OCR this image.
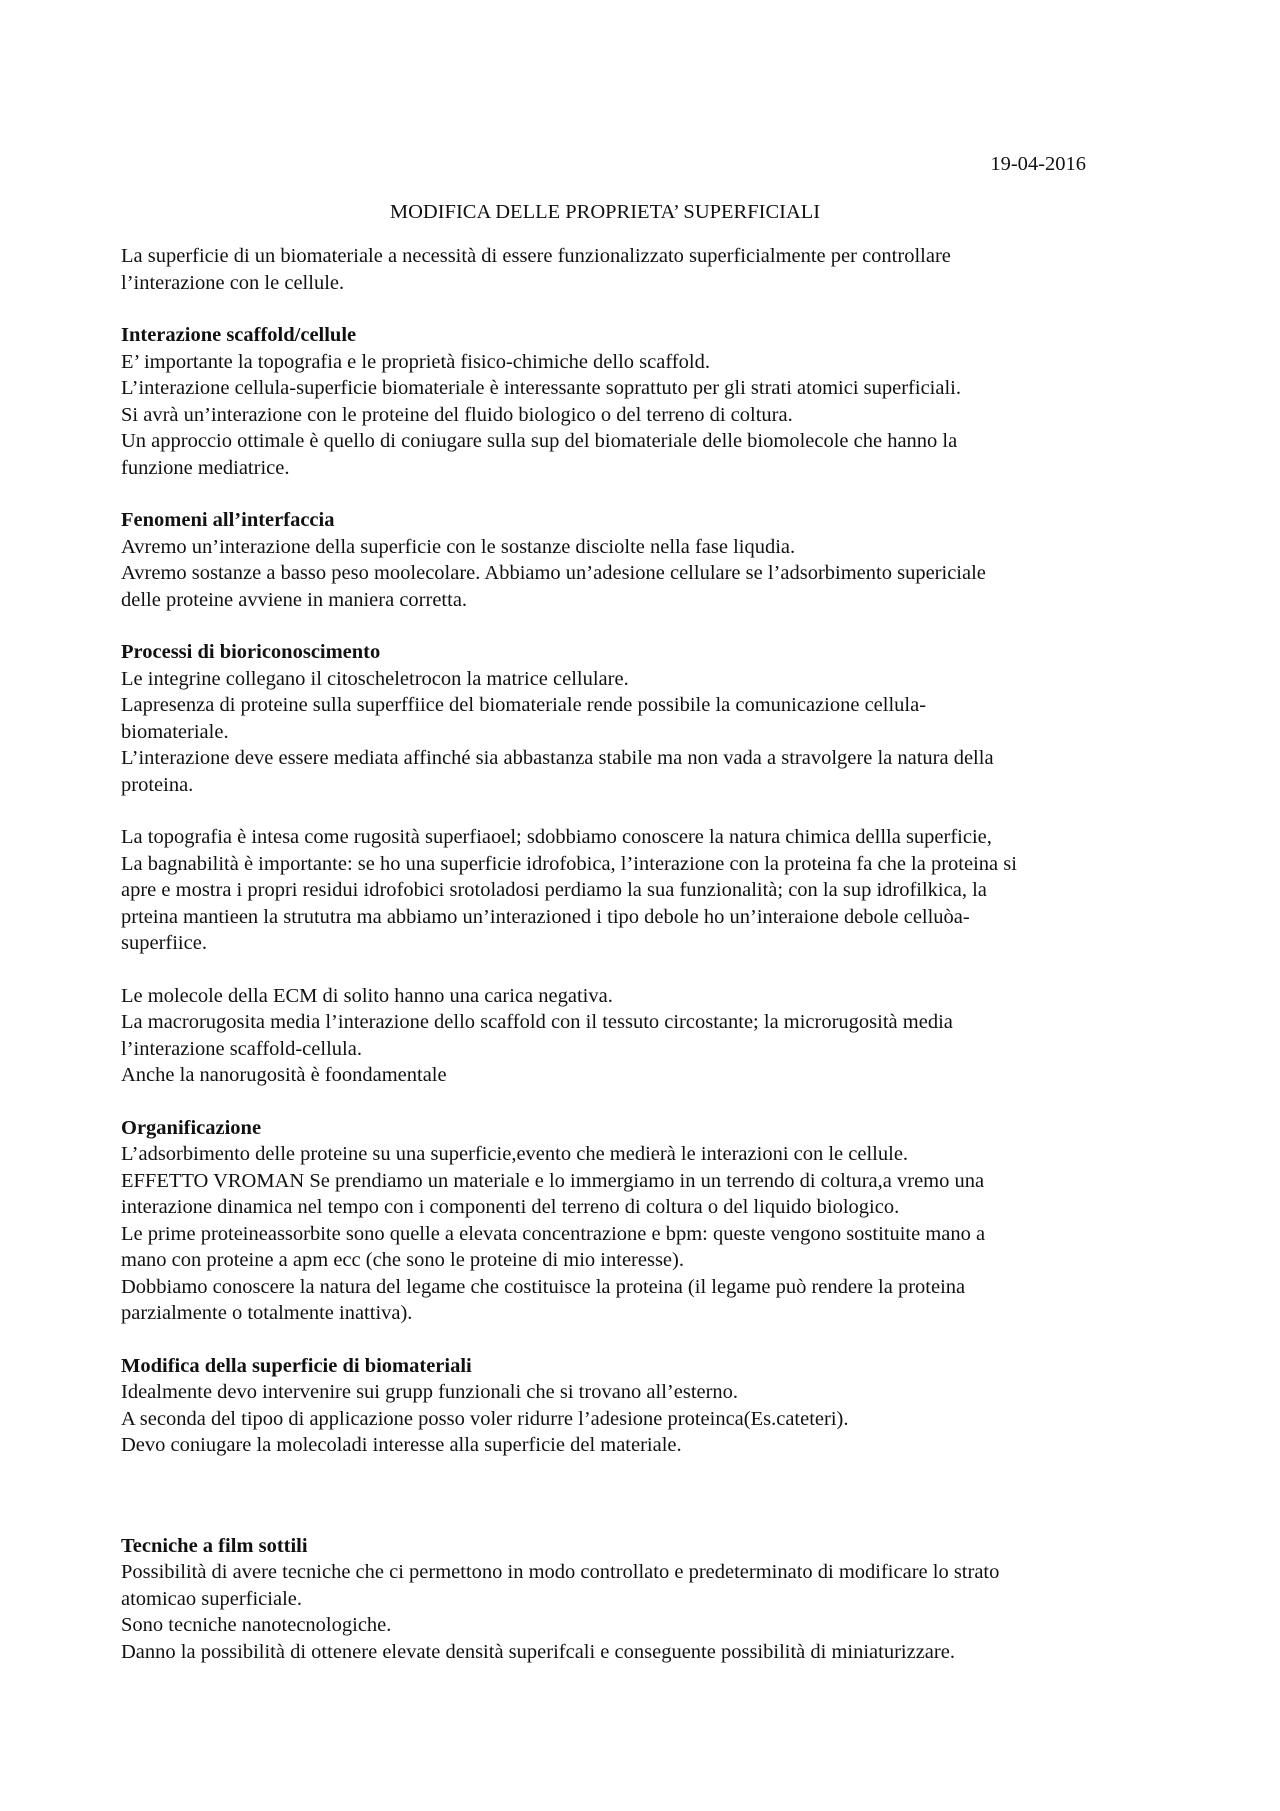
19-04-2016
MODIFICA DELLE PROPRIETA’ SUPERFICIALI

La superficie di un biomateriale a necessità di essere funzionalizzato superficialmente per controllare

l’interazione con le cellule.

Interazione scaffold/cellule

E’ importante la topografia e le proprietà fisico-chimiche dello scaffold.

L’interazione cellula-superficie biomateriale è interessante soprattuto per gli strati atomici superficiali.

Si avrà un’interazione con le proteine del fluido biologico o del terreno di coltura.

Un approccio ottimale è quello di coniugare sulla sup del biomateriale delle biomolecole che hanno la

funzione mediatrice.

Fenomeni all’interfaccia

Avremo un’interazione della superficie con le sostanze disciolte nella fase liqudia.

Avremo sostanze a basso peso moolecolare. Abbiamo un’adesione cellulare se l’adsorbimento supericiale

delle proteine avviene in maniera corretta.

Processi di bioriconoscimento

Le integrine collegano il citoscheletrocon la matrice cellulare.

Lapresenza di proteine sulla superffiice del biomateriale rende possibile la comunicazione cellula-

biomateriale.

L’interazione deve essere mediata affinché sia abbastanza stabile ma non vada a stravolgere la natura della

proteina.

La topografia è intesa come rugosità superfiaoel; sdobbiamo conoscere la natura chimica dellla superficie,

La bagnabilità è importante: se ho una superficie idrofobica, l’interazione con la proteina fa che la proteina si

apre e mostra i propri residui idrofobici srotoladosi perdiamo la sua funzionalità; con la sup idrofilkica, la

prteina mantieen la strututra ma abbiamo un’interazioned i tipo debole ho un’interaione debole celluòa-

superfiice.

Le molecole della ECM di solito hanno una carica negativa.

La macrorugosita media l’interazione dello scaffold con il tessuto circostante; la microrugosità media

l’interazione scaffold-cellula.

Anche la nanorugosità è foondamentale

Organificazione

L’adsorbimento delle proteine su una superficie,evento che medierà le interazioni con le cellule.

EFFETTO VROMAN Se prendiamo un materiale e lo immergiamo in un terrendo di coltura,a vremo una

interazione dinamica nel tempo con i componenti del terreno di coltura o del liquido biologico.

Le prime proteineassorbite sono quelle a elevata concentrazione e bpm: queste vengono sostituite mano a

mano con proteine a apm ecc (che sono le proteine di mio interesse).

Dobbiamo conoscere la natura del legame che costituisce la proteina (il legame può rendere la proteina

parzialmente o totalmente inattiva).

Modifica della superficie di biomateriali

Idealmente devo intervenire sui grupp funzionali che si trovano all’esterno.

A seconda del tipoo di applicazione posso voler ridurre l’adesione proteinca(Es.cateteri).

Devo coniugare la molecoladi interesse alla superficie del materiale.

Tecniche a film sottili

Possibilità di avere tecniche che ci permettono in modo controllato e predeterminato di modificare lo strato

atomicao superficiale.

Sono tecniche nanotecnologiche.

Danno la possibilità di ottenere elevate densità superifcali e conseguente possibilità di miniaturizzare.
